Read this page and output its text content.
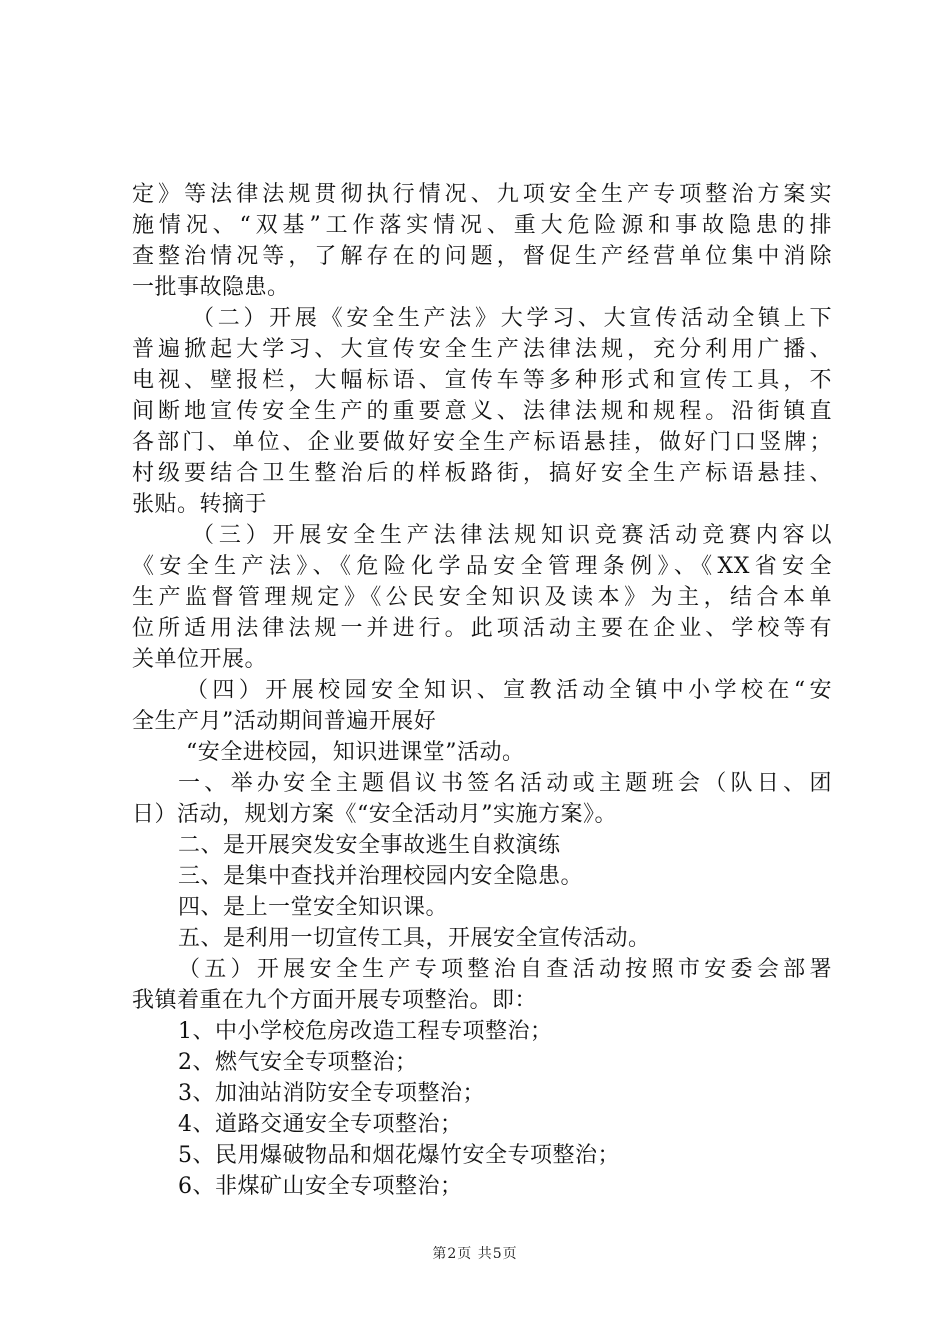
定》等法律法规贯彻执行情况、九项安全生产专项整治方案实
施情况、“双基”工作落实情况、重大危险源和事故隐患的排
查整治情况等，了解存在的问题，督促生产经营单位集中消除
一批事故隐患。
（二）开展《安全生产法》大学习、大宣传活动全镇上下
普遍掀起大学习、大宣传安全生产法律法规，充分利用广播、
电视、壁报栏，大幅标语、宣传车等多种形式和宣传工具，不
间断地宣传安全生产的重要意义、法律法规和规程。沿街镇直
各部门、单位、企业要做好安全生产标语悬挂，做好门口竖牌；
村级要结合卫生整治后的样板路街，搞好安全生产标语悬挂、
张贴。转摘于
（三）开展安全生产法律法规知识竞赛活动竞赛内容以
《安全生产法》、《危险化学品安全管理条例》、《XX省安全
生产监督管理规定》《公民安全知识及读本》为主，结合本单
位所适用法律法规一并进行。此项活动主要在企业、学校等有
关单位开展。
（四）开展校园安全知识、宣教活动全镇中小学校在“安
全生产月”活动期间普遍开展好
“安全进校园，知识进课堂”活动。
一、举办安全主题倡议书签名活动或主题班会（队日、团
日）活动，规划方案《“安全活动月”实施方案》。
二、是开展突发安全事故逃生自救演练
三、是集中查找并治理校园内安全隐患。
四、是上一堂安全知识课。
五、是利用一切宣传工具，开展安全宣传活动。
（五）开展安全生产专项整治自查活动按照市安委会部署
我镇着重在九个方面开展专项整治。即：
1、中小学校危房改造工程专项整治；
2、燃气安全专项整治；
3、加油站消防安全专项整治；
4、道路交通安全专项整治；
5、民用爆破物品和烟花爆竹安全专项整治；
6、非煤矿山安全专项整治；
第2页 共5页
